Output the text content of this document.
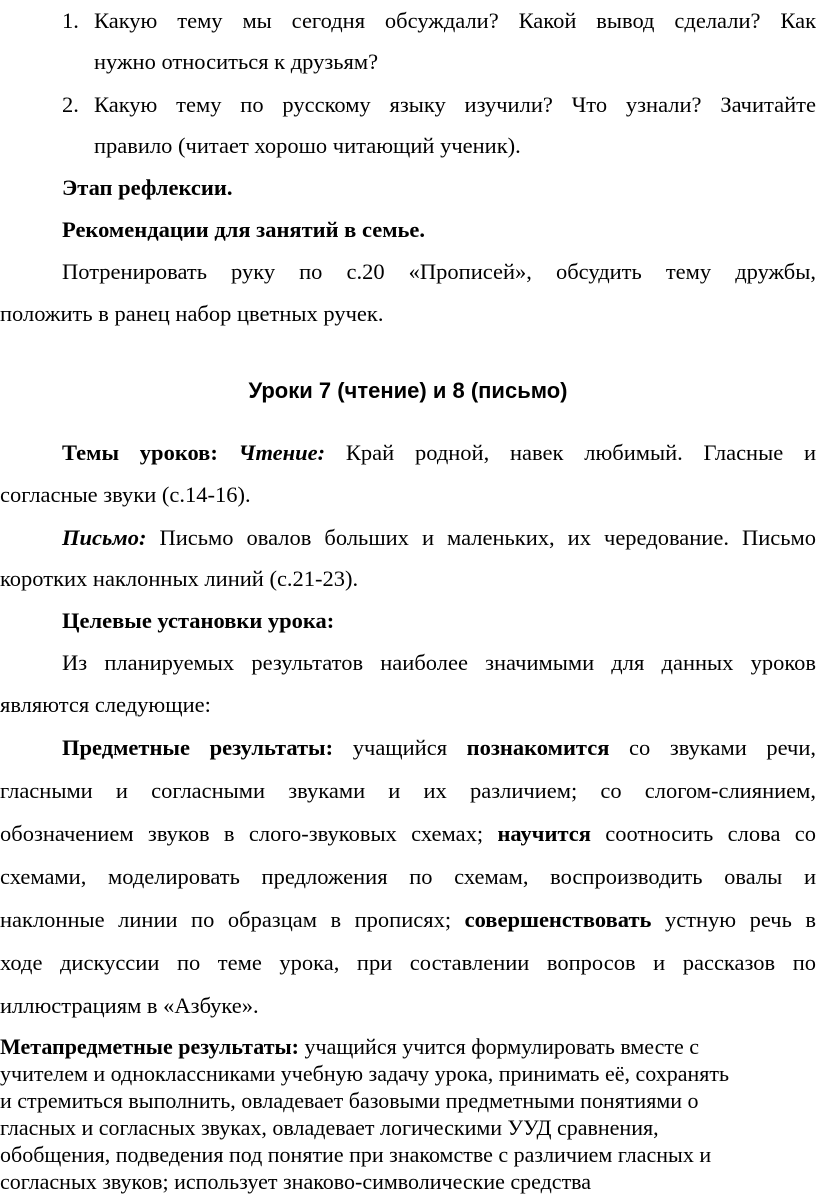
1. Какую тему мы сегодня обсуждали? Какой вывод сделали? Как
нужно относиться к друзьям?
2. Какую тему по русскому языку изучили? Что узнали? Зачитайте
правило (читает хорошо читающий ученик).
Этап рефлексии.
Рекомендации для занятий в семье.
Потренировать руку по с.20 «Прописей», обсудить тему дружбы,
положить в ранец набор цветных ручек.
Уроки 7 (чтение) и 8 (письмо)
Темы уроков: Чтение: Край родной, навек любимый. Гласные и
согласные звуки (с.14-16).
Письмо: Письмо овалов больших и маленьких, их чередование. Письмо
коротких наклонных линий (с.21-23).
Целевые установки урока:
Из планируемых результатов наиболее значимыми для данных уроков
являются следующие:
Предметные результаты: учащийся познакомится со звуками речи,
гласными и согласными звуками и их различием; со слогом-слиянием,
обозначением звуков в слого-звуковых схемах; научится соотносить слова со
схемами, моделировать предложения по схемам, воспроизводить овалы и
наклонные линии по образцам в прописях; совершенствовать устную речь в
ходе дискуссии по теме урока, при составлении вопросов и рассказов по
иллюстрациям в «Азбуке».
Метапредметные результаты: учащийся учится формулировать вместе с
учителем и одноклассниками учебную задачу урока, принимать её, сохранять
и стремиться выполнить, овладевает базовыми предметными понятиями о
гласных и согласных звуках, овладевает логическими УУД сравнения,
обобщения, подведения под понятие при знакомстве с различием гласных и
согласных звуков; использует знаково-символические средства
